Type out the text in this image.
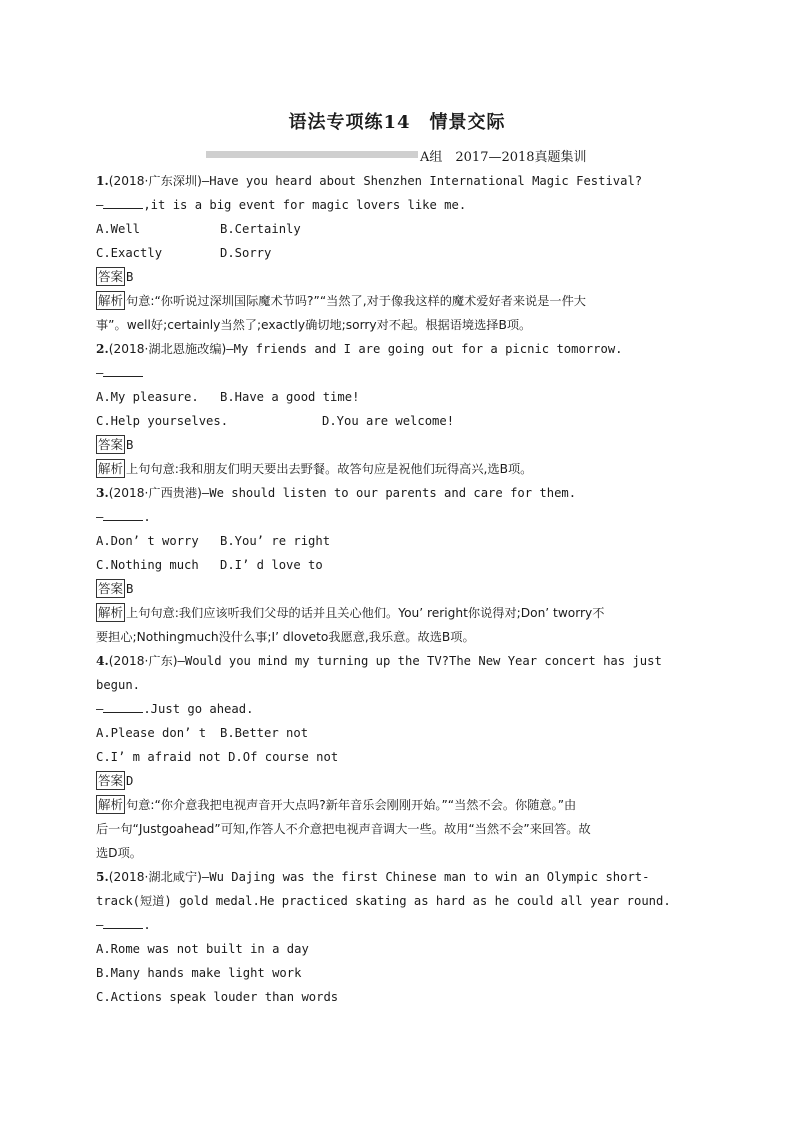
语法专项练14　情景交际
A组　2017—2018真题集训
1.(2018·广东深圳)—Have you heard about Shenzhen International Magic Festival?
—	,it is a big event for magic lovers like me.
A.Well	B.Certainly
C.Exactly	D.Sorry
答案 B
解析 句意:“你听说过深圳国际魔术节吗?”“当然了,对于像我这样的魔术爱好者来说是一件大
事”。well好;certainly当然了;exactly确切地;sorry对不起。根据语境选择B项。
2.(2018·湖北恩施改编)—My friends and I are going out for a picnic tomorrow.
—
A.My pleasure. B.Have a good time!
C.Help yourselves.	D.You are welcome!
答案 B
解析 上句句意:我和朋友们明天要出去野餐。故答句应是祝他们玩得高兴,选B项。
3.(2018·广西贵港)—We should listen to our parents and care for them.
—	.
A.Don’ t worry B.You’ re right
C.Nothing much D.I’ d love to
答案 B
解析 上句句意:我们应该听我们父母的话并且关心他们。You’ reright你说得对;Don’ tworry不
要担心;Nothingmuch没什么事;I’ dloveto我愿意,我乐意。故选B项。
4.(2018·广东)—Would you mind my turning up the TV?The New Year concert has just
begun.
—	.Just go ahead.
A.Please don’ t B.Better not
C.I’ m afraid not D.Of course not
答案 D
解析 句意:“你介意我把电视声音开大点吗?新年音乐会刚刚开始。”“当然不会。你随意。”由
后一句“Justgoahead”可知,作答人不介意把电视声音调大一些。故用“当然不会”来回答。故
选D项。
5.(2018·湖北咸宁)—Wu Dajing was the first Chinese man to win an Olympic short-
track(短道) gold medal.He practiced skating as hard as he could all year round.
—	.
A.Rome was not built in a day
B.Many hands make light work
C.Actions speak louder than words
